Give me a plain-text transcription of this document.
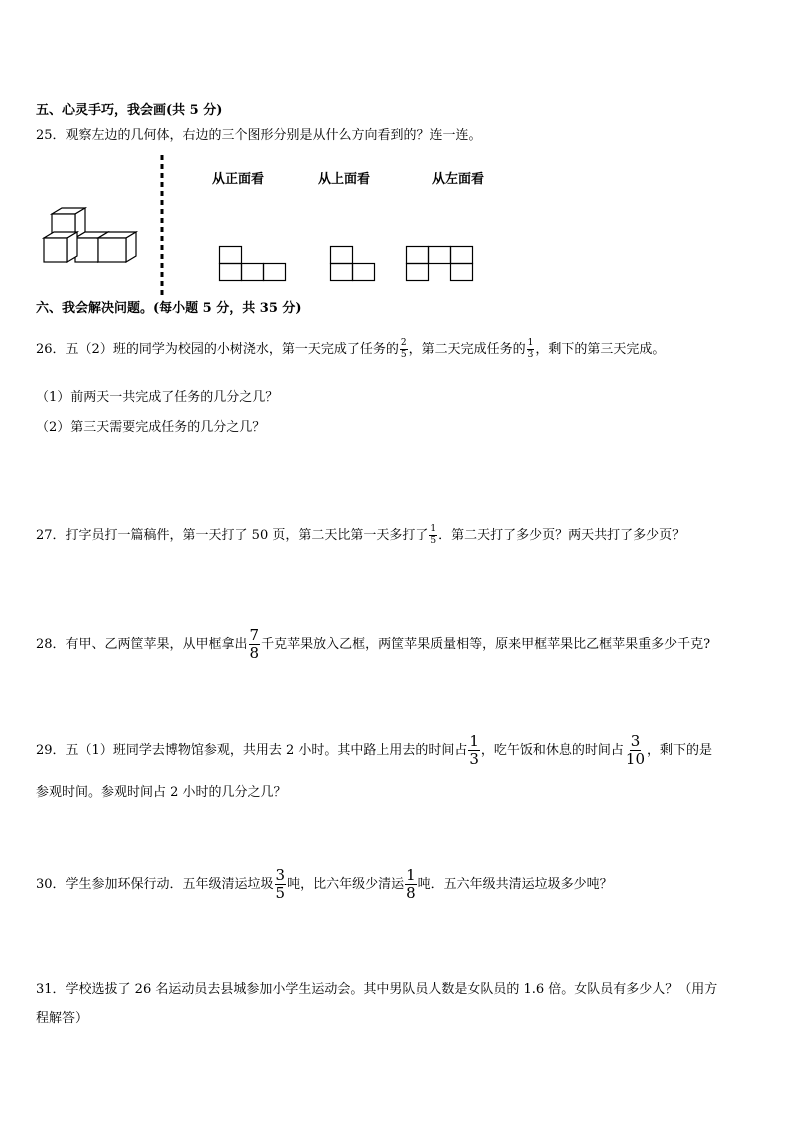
五、心灵手巧，我会画(共 5 分)
25．观察左边的几何体，右边的三个图形分别是从什么方向看到的？连一连。
从正面看	从上面看	从左面看
六、我会解决问题。(每小题 5 分，共 35 分)
26．五（2）班的同学为校园的小树浇水，第一天完成了任务的 $\frac{2}{5}$ ，第二天完成任务的 $\frac{1}{3}$ ，剩下的第三天完成。
（1）前两天一共完成了任务的几分之几？
（2）第三天需要完成任务的几分之几？
27．打字员打一篇稿件，第一天打了 50 页，第二天比第一天多打了 $\frac{1}{5}$ ．第二天打了多少页？两天共打了多少页？
28．有甲、乙两筐苹果，从甲框拿出 $\frac{7}{8}$ 千克苹果放入乙框，两筐苹果质量相等，原来甲框苹果比乙框苹果重多少千克?
29．五（1）班同学去博物馆参观，共用去 2 小时。其中路上用去的时间占 $\frac{1}{3}$ ，吃午饭和休息的时间占 $\frac{3}{10}$ ，剩下的是
参观时间。参观时间占 2 小时的几分之几？
30．学生参加环保行动．五年级清运垃圾 $\frac{3}{5}$ 吨，比六年级少清运 $\frac{1}{8}$ 吨．五六年级共清运垃圾多少吨？
31．学校选拔了 26 名运动员去县城参加小学生运动会。其中男队员人数是女队员的 1.6 倍。女队员有多少人？（用方
程解答）
